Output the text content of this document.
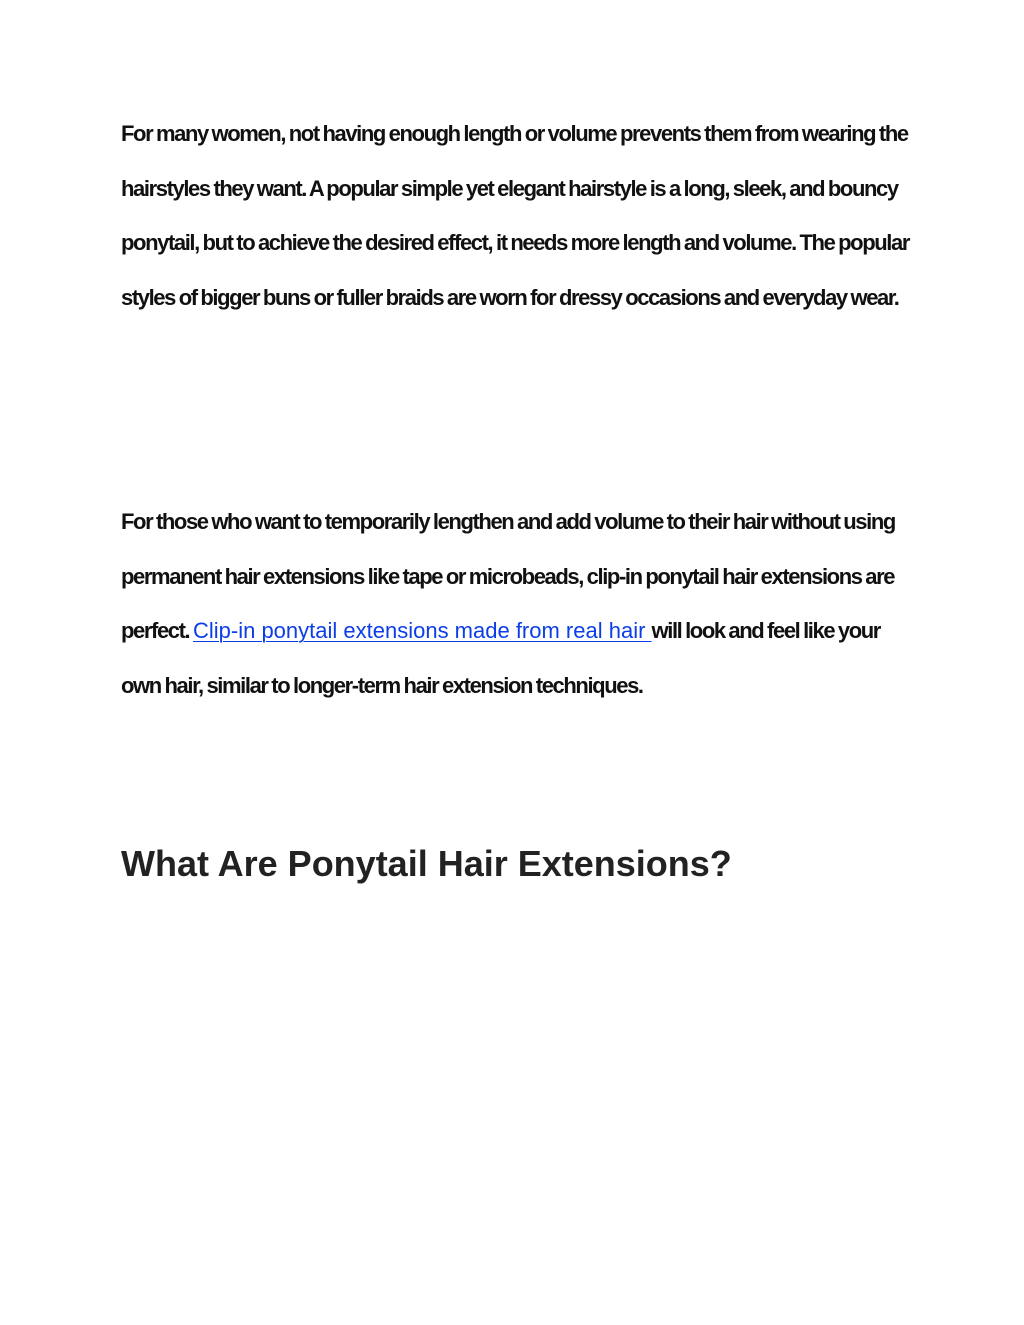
For many women, not having enough length or volume prevents them from wearing the hairstyles they want. A popular simple yet elegant hairstyle is a long, sleek, and bouncy ponytail, but to achieve the desired effect, it needs more length and volume. The popular styles of bigger buns or fuller braids are worn for dressy occasions and everyday wear.

For those who want to temporarily lengthen and add volume to their hair without using permanent hair extensions like tape or microbeads, clip-in ponytail hair extensions are perfect. Clip-in ponytail extensions made from real hair will look and feel like your own hair, similar to longer-term hair extension techniques.

What Are Ponytail Hair Extensions?
